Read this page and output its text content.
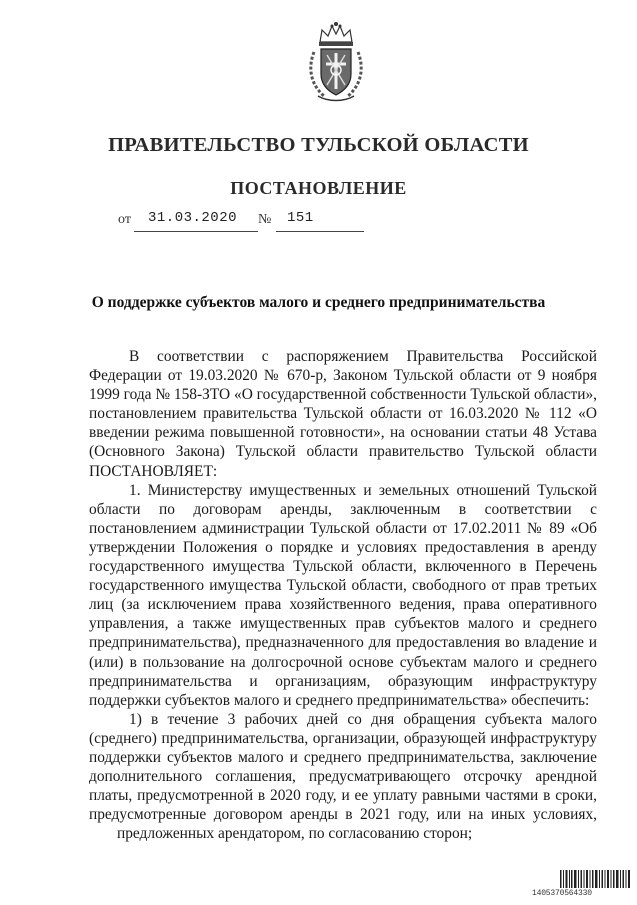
ПРАВИТЕЛЬСТВО ТУЛЬСКОЙ ОБЛАСТИ
ПОСТАНОВЛЕНИЕ
от 31.03.2020 № 151
О поддержке субъектов малого и среднего предпринимательства

В соответствии с распоряжением Правительства Российской Федерации от 19.03.2020 № 670-р, Законом Тульской области от 9 ноября 1999 года № 158-ЗТО «О государственной собственности Тульской области», постановлением правительства Тульской области от 16.03.2020 № 112 «О введении режима повышенной готовности», на основании статьи 48 Устава (Основного Закона) Тульской области правительство Тульской области

ПОСТАНОВЛЯЕТ:

1. Министерству имущественных и земельных отношений Тульской области по договорам аренды, заключенным в соответствии с постановлением администрации Тульской области от 17.02.2011 № 89 «Об утверждении Положения о порядке и условиях предоставления в аренду государственного имущества Тульской области, включенного в Перечень государственного имущества Тульской области, свободного от прав третьих лиц (за исключением права хозяйственного ведения, права оперативного управления, а также имущественных прав субъектов малого и среднего предпринимательства), предназначенного для предоставления во владение и (или) в пользование на долгосрочной основе субъектам малого и среднего предпринимательства и организациям, образующим инфраструктуру

поддержки субъектов малого и среднего предпринимательства» обеспечить:

1) в течение 3 рабочих дней со дня обращения субъекта малого (среднего) предпринимательства, организации, образующей инфраструктуру поддержки субъектов малого и среднего предпринимательства, заключение дополнительного соглашения, предусматривающего отсрочку арендной платы, предусмотренной в 2020 году, и ее уплату равными частями в сроки, предусмотренные договором аренды в 2021 году, или на иных условиях,

предложенных арендатором, по согласованию сторон;

1405370564330
